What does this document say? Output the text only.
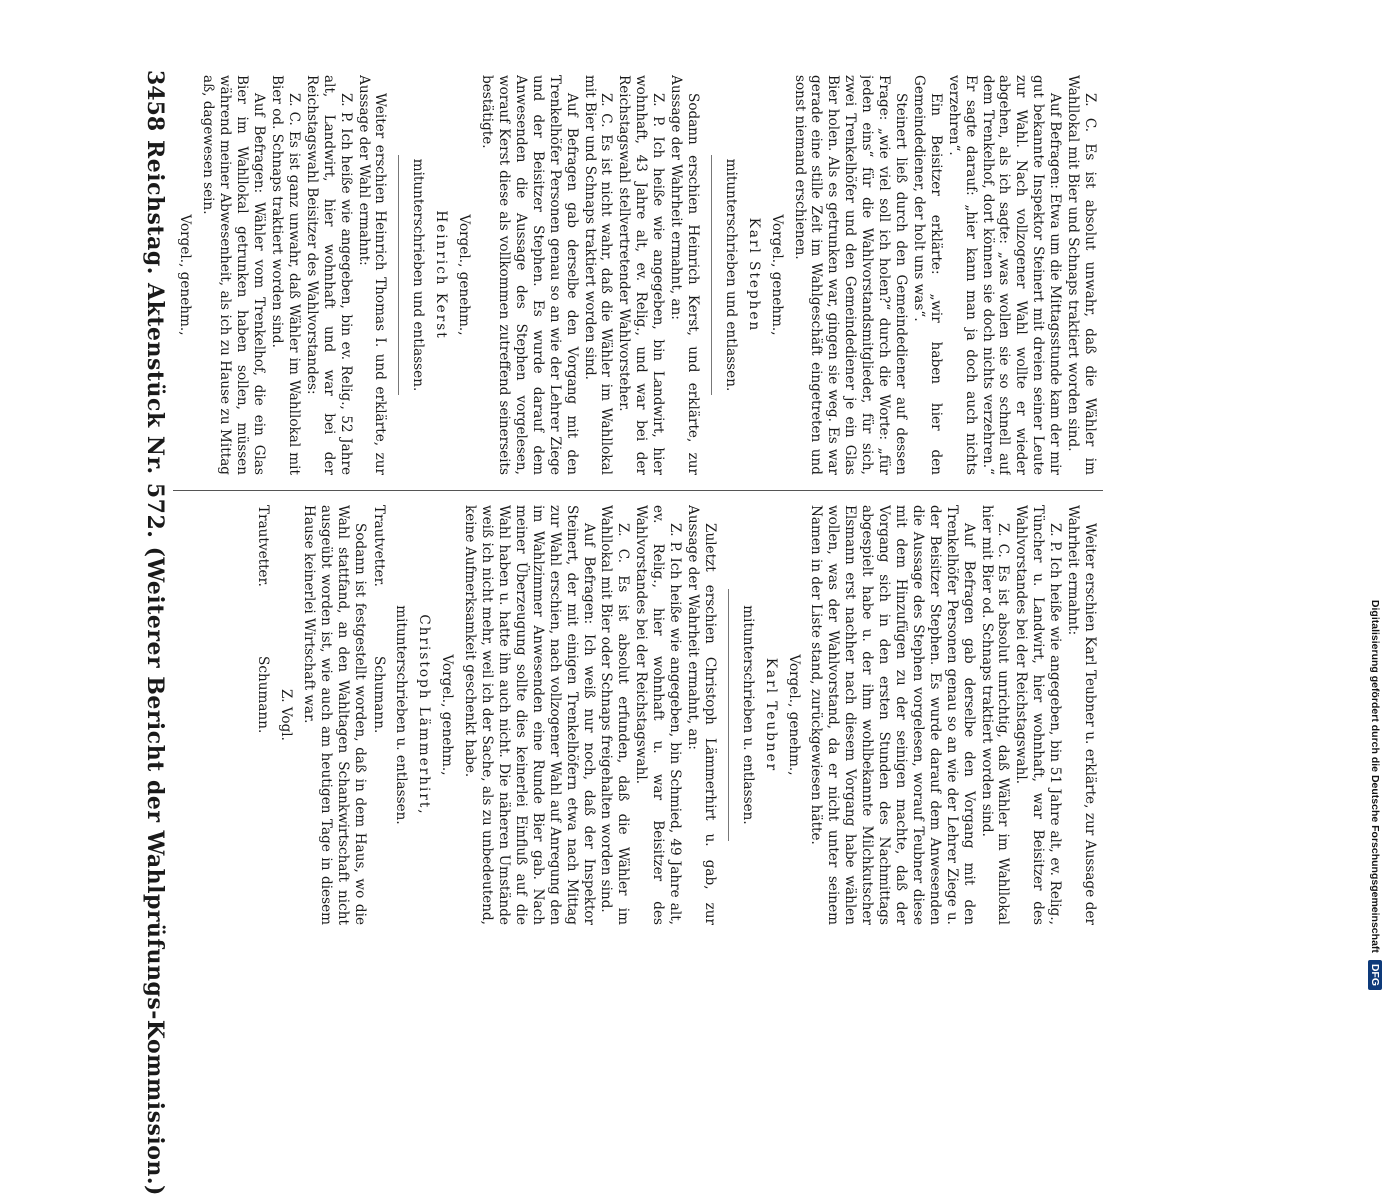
3458
Reichstag. Aktenstück Nr. 572. (Weiterer Bericht der Wahlprüfungs-Kommission.)	Z. C. Es ist absolut unwahr, daß die Wähler im Wahllokal mit Bier und Schnaps traktiert worden sind.

Auf Befragen: Etwa um die Mittagsstunde kam der mir gut bekannte Inspektor Steinert mit dreien seiner Leute zur Wahl. Nach vollzogener Wahl wollte er wieder abgehen, als ich sagte: „was wollen sie so schnell auf dem Trenkelhof, dort können sie doch nichts verzehren.“ Er sagte darauf: „hier kann man ja doch auch nichts verzehren“.

Ein Beisitzer erklärte: „wir haben hier den Gemeindediener, der holt uns was“.

Steinert ließ durch den Gemeindediener auf dessen Frage: „wie viel soll ich holen?“ durch die Worte: „für jeden eins“ für die Wahlvorstandsmitglieder, für sich, zwei Trenkelhöfer und den Gemeindediener je ein Glas Bier holen. Als es getrunken war, gingen sie weg. Es war gerade eine stille Zeit im Wahlgeschäft eingetreten und sonst niemand erschienen.

Vorgel., genehm.,

Karl Stephen

mitunterschrieben und entlassen.

Sodann erschien Heinrich Kerst, und erklärte, zur Aussage der Wahrheit ermahnt, an:

Z. P. Ich heiße wie angegeben, bin Landwirt, hier wohnhaft, 43 Jahre alt, ev. Relig., und war bei der Reichstagswahl stellvertretender Wahlvorsteher.

Z. C. Es ist nicht wahr, daß die Wähler im Wahllokal mit Bier und Schnaps traktiert worden sind.

Auf Befragen gab derselbe den Vorgang mit den Trenkelhöfer Personen genau so an wie der Lehrer Ziege und der Beisitzer Stephen. Es wurde darauf dem Anwesenden die Aussage des Stephen vorgelesen, worauf Kerst diese als vollkommen zutreffend seinerseits bestätigte.

Vorgel., genehm.,

Heinrich Kerst

mitunterschrieben und entlassen.

Weiter erschien Heinrich Thomas I. und erklärte, zur Aussage der Wahl ermahnt:

Z. P. Ich heiße wie angegeben, bin ev. Relig., 52 Jahre alt, Landwirt, hier wohnhaft und war bei der Reichstagswahl Beisitzer des Wahlvorstandes:

Z. C. Es ist ganz unwahr, daß Wähler im Wahllokal mit Bier od. Schnaps traktiert worden sind.

Auf Befragen: Wähler vom Trenkelhof, die ein Glas Bier im Wahllokal getrunken haben sollen, müssen während meiner Abwesenheit, als ich zu Hause zu Mittag aß, dagewesen sein.

Vorgel., genehm.,

Weiter erschien Karl Teubner u. erklärte, zur Aussage der Wahrheit ermahnt:

Z. P. Ich heiße wie angegeben, bin 51 Jahre alt, ev. Relig., Tüncher u. Landwirt, hier wohnhaft, war Beisitzer des Wahlvorstandes bei der Reichstagswahl.

Z. C. Es ist absolut unrichtig, daß Wähler im Wahllokal hier mit Bier od. Schnaps traktiert worden sind.

Auf Befragen gab derselbe den Vorgang mit den Trenkelhöfer Personen genau so an wie der Lehrer Ziege u. der Beisitzer Stephen. Es wurde darauf dem Anwesenden die Aussage des Stephen vorgelesen, worauf Teubner diese mit dem Hinzufügen zu der seinigen machte, daß der Vorgang sich in den ersten Stunden des Nachmittags abgespielt habe u. der ihm wohlbekannte Milchkutscher Elsmann erst nachher nach diesem Vorgang habe wählen wollen, was der Wahlvorstand, da er nicht unter seinem Namen in der Liste stand, zurückgewiesen hätte.

Vorgel., genehm.,

Karl Teubner

mitunterschrieben u. entlassen.

Zuletzt erschien Christoph Lämmerhirt u. gab, zur Aussage der Wahrheit ermahnt, an:

Z. P. Ich heiße wie angegeben, bin Schmied, 49 Jahre alt, ev. Relig., hier wohnhaft u. war Beisitzer des Wahlvorstandes bei der Reichstagswahl.

Z. C. Es ist absolut erfunden, daß die Wähler im Wahllokal mit Bier oder Schnaps freigehalten worden sind.

Auf Befragen: Ich weiß nur noch, daß der Inspektor Steinert, der mit einigen Trenkelhöfern etwa nach Mittag zur Wahl erschien, nach vollzogener Wahl auf Anregung den im Wahlzimmer Anwesenden eine Runde Bier gab. Nach meiner Überzeugung sollte dies keinerlei Einfluß auf die Wahl haben u. hatte ihn auch nicht. Die näheren Umstände weiß ich nicht mehr, weil ich der Sache, als zu unbedeutend, keine Aufmerksamkeit geschenkt habe.

Vorgel., genehm.,

Christoph Lämmerhirt,

mitunterschrieben u. entlassen.

Trautvetter.                Schumann.

Sodann ist festgestellt worden, daß in dem Haus, wo die Wahl stattfand, an den Wahltagen Schankwirtschaft nicht ausgeübt worden ist, wie auch am heutigen Tage in diesem Hause keinerlei Wirtschaft war.

Z. Vogl.

Trautvetter.                Schumann.	Digitalisierung gefördert durch die Deutsche Forschungsgemeinschaft DFG
